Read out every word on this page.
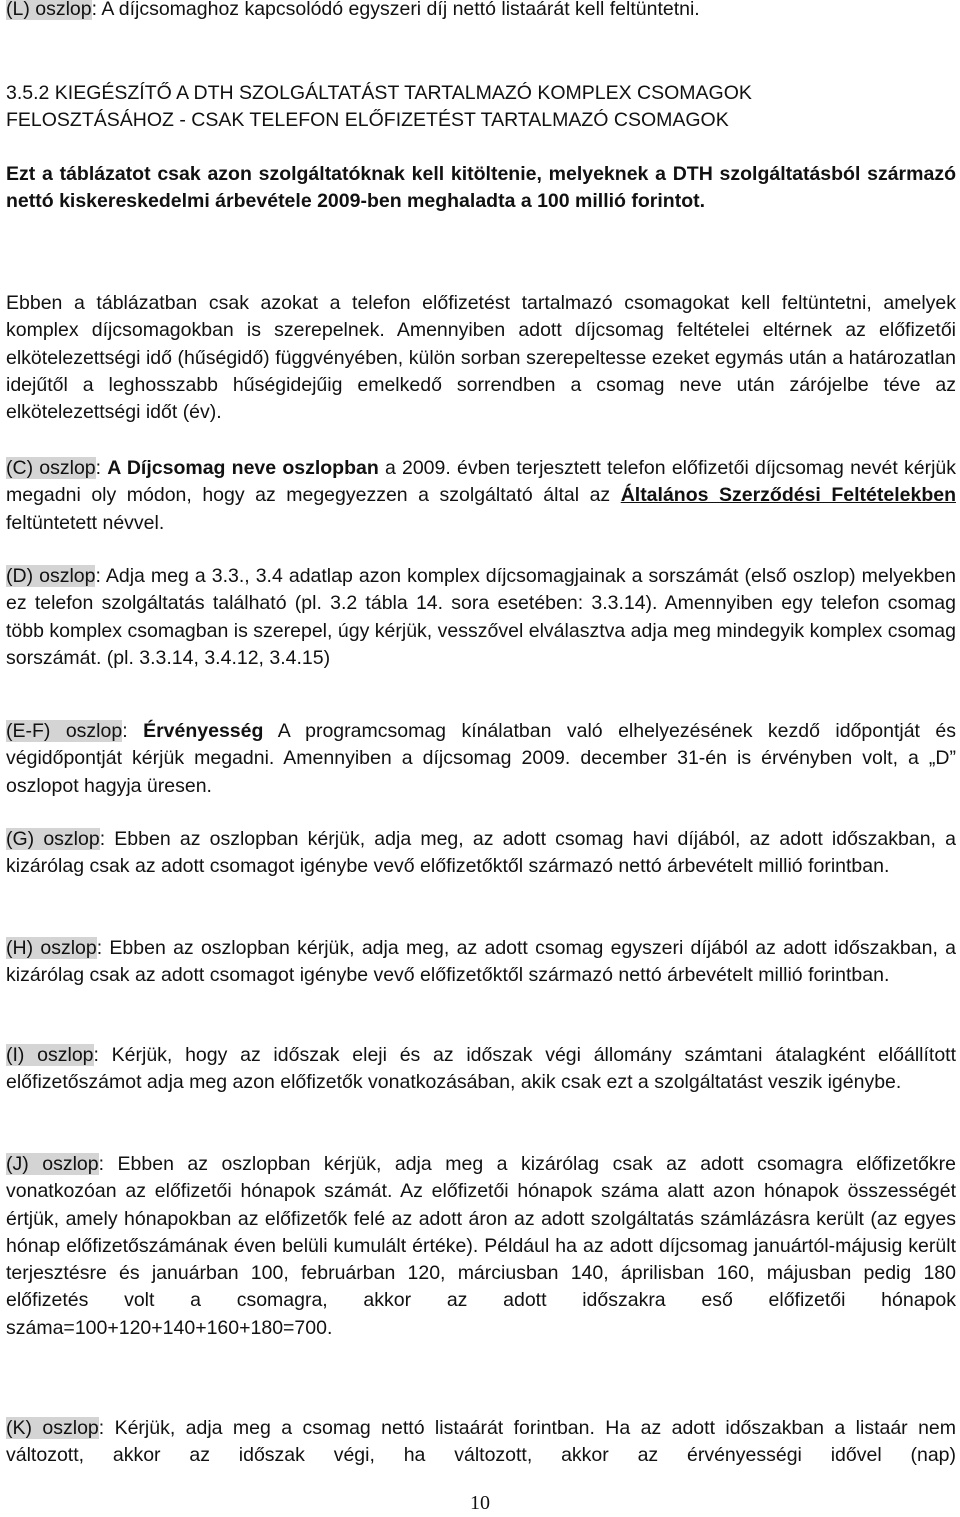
(L) oszlop: A díjcsomaghoz kapcsolódó egyszeri díj nettó listaárát kell feltüntetni.
3.5.2 KIEGÉSZÍTŐ A DTH SZOLGÁLTATÁST TARTALMAZÓ KOMPLEX CSOMAGOK
FELOSZTÁSÁHOZ - CSAK TELEFON ELŐFIZETÉST TARTALMAZÓ CSOMAGOK
Ezt a táblázatot csak azon szolgáltatóknak kell kitöltenie, melyeknek a DTH szolgáltatásból származó nettó kiskereskedelmi árbevétele 2009-ben meghaladta a 100 millió forintot.
Ebben a táblázatban csak azokat a telefon előfizetést tartalmazó csomagokat kell feltüntetni, amelyek komplex díjcsomagokban is szerepelnek. Amennyiben adott díjcsomag feltételei eltérnek az előfizetői elkötelezettségi idő (hűségidő) függvényében, külön sorban szerepeltesse ezeket egymás után a határozatlan idejűtől a leghosszabb hűségidejűig emelkedő sorrendben a csomag neve után zárójelbe téve az elkötelezettségi időt (év).
(C) oszlop: A Díjcsomag neve oszlopban a 2009. évben terjesztett telefon előfizetői díjcsomag nevét kérjük megadni oly módon, hogy az megegyezzen a szolgáltató által az Általános Szerződési Feltételekben feltüntetett névvel.
(D) oszlop: Adja meg a 3.3., 3.4 adatlap azon komplex díjcsomagjainak a sorszámát (első oszlop) melyekben ez telefon szolgáltatás található (pl. 3.2 tábla 14. sora esetében: 3.3.14). Amennyiben egy telefon csomag több komplex csomagban is szerepel, úgy kérjük, vesszővel elválasztva adja meg mindegyik komplex csomag sorszámát. (pl. 3.3.14, 3.4.12, 3.4.15)
(E-F) oszlop: Érvényesség A programcsomag kínálatban való elhelyezésének kezdő időpontját és végidőpontját kérjük megadni. Amennyiben a díjcsomag 2009. december 31-én is érvényben volt, a „D” oszlopot hagyja üresen.
(G) oszlop: Ebben az oszlopban kérjük, adja meg, az adott csomag havi díjából, az adott időszakban, a kizárólag csak az adott csomagot igénybe vevő előfizetőktől származó nettó árbevételt millió forintban.
(H) oszlop: Ebben az oszlopban kérjük, adja meg, az adott csomag egyszeri díjából az adott időszakban, a kizárólag csak az adott csomagot igénybe vevő előfizetőktől származó nettó árbevételt millió forintban.
(I) oszlop: Kérjük, hogy az időszak eleji és az időszak végi állomány számtani átalagként előállított előfizetőszámot adja meg azon előfizetők vonatkozásában, akik csak ezt a szolgáltatást veszik igénybe.
(J) oszlop: Ebben az oszlopban kérjük, adja meg a kizárólag csak az adott csomagra előfizetőkre vonatkozóan az előfizetői hónapok számát. Az előfizetői hónapok száma alatt azon hónapok összességét értjük, amely hónapokban az előfizetők felé az adott áron az adott szolgáltatás számlázásra került (az egyes hónap előfizetőszámának éven belüli kumulált értéke). Például ha az adott díjcsomag januártól-májusig került terjesztésre és januárban 100, februárban 120, márciusban 140, áprilisban 160, májusban pedig 180 előfizetés volt a csomagra, akkor az adott időszakra eső előfizetői hónapok száma=100+120+140+160+180=700.
(K) oszlop: Kérjük, adja meg a csomag nettó listaárát forintban. Ha az adott időszakban a listaár nem változott, akkor az időszak végi, ha változott, akkor az érvényességi idővel (nap)
10
